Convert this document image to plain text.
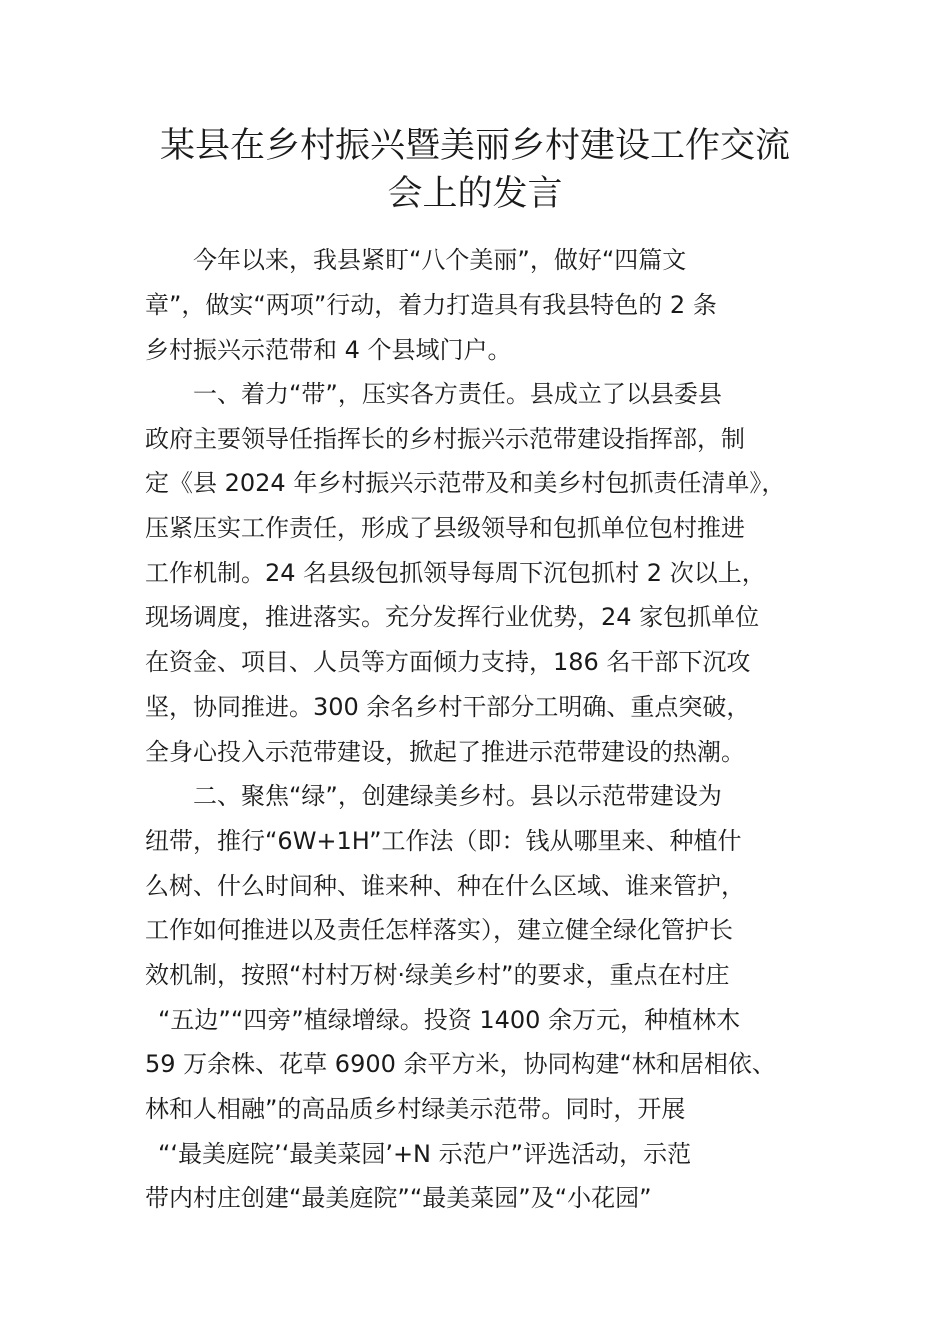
某县在乡村振兴暨美丽乡村建设工作交流
会上的发言

今年以来，我县紧盯“八个美丽”，做好“四篇文

章”，做实“两项”行动，着力打造具有我县特色的 2 条

乡村振兴示范带和 4 个县域门户。

一、着力“带”，压实各方责任。县成立了以县委县

政府主要领导任指挥长的乡村振兴示范带建设指挥部，制

定《县 2024 年乡村振兴示范带及和美乡村包抓责任清单》，

压紧压实工作责任，形成了县级领导和包抓单位包村推进

工作机制。24 名县级包抓领导每周下沉包抓村 2 次以上，

现场调度，推进落实。充分发挥行业优势，24 家包抓单位

在资金、项目、人员等方面倾力支持，186 名干部下沉攻

坚，协同推进。300 余名乡村干部分工明确、重点突破，

全身心投入示范带建设，掀起了推进示范带建设的热潮。

二、聚焦“绿”，创建绿美乡村。县以示范带建设为

纽带，推行“6W+1H”工作法（即：钱从哪里来、种植什

么树、什么时间种、谁来种、种在什么区域、谁来管护，

工作如何推进以及责任怎样落实），建立健全绿化管护长

效机制，按照“村村万树·绿美乡村”的要求，重点在村庄

“五边”“四旁”植绿增绿。投资 1400 余万元，种植林木

59 万余株、花草 6900 余平方米，协同构建“林和居相依、

林和人相融”的高品质乡村绿美示范带。同时，开展

“‘最美庭院’‘最美菜园’+N 示范户”评选活动，示范

带内村庄创建“最美庭院”“最美菜园”及“小花园”
